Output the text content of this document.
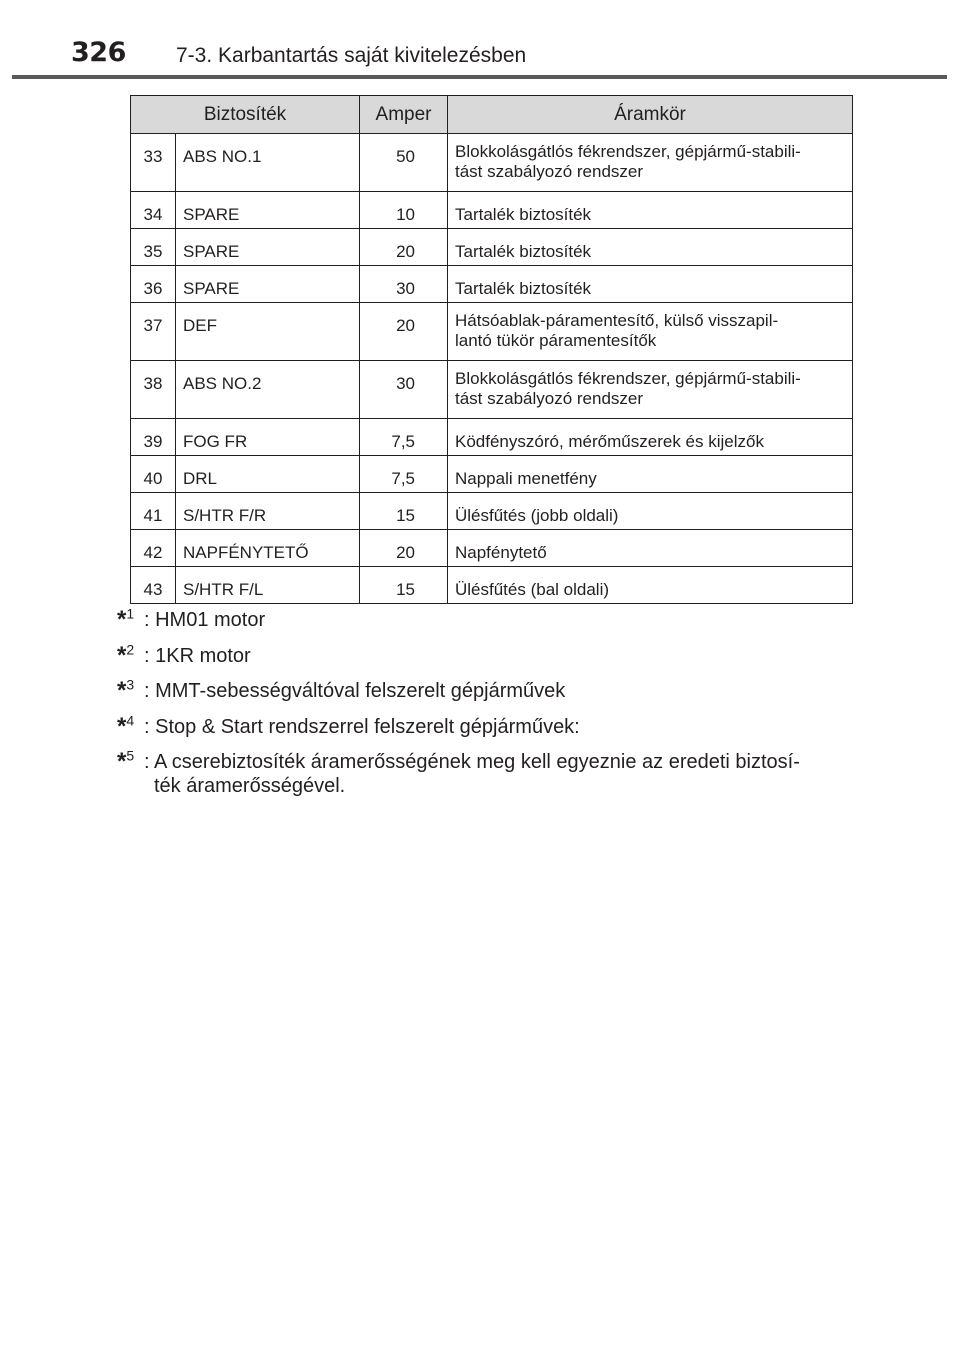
326 7-3. Karbantartás saját kivitelezésben
Biztosíték		Amper	Áramkör
33	ABS NO.1	50	Blokkolásgátlós fékrendszer, gépjármű-stabili-
tást szabályozó rendszer
34	SPARE	10	Tartalék biztosíték
35	SPARE	20	Tartalék biztosíték
36	SPARE	30	Tartalék biztosíték
37	DEF	20	Hátsóablak-páramentesítő, külső visszapil-
lantó tükör páramentesítők
38	ABS NO.2	30	Blokkolásgátlós fékrendszer, gépjármű-stabili-
tást szabályozó rendszer
39	FOG FR	7,5	Ködfényszóró, mérőműszerek és kijelzők
40	DRL	7,5	Nappali menetfény
41	S/HTR F/R	15	Ülésfűtés (jobb oldali)
42	NAPFÉNYTETŐ	20	Napfénytető
43	S/HTR F/L	15	Ülésfűtés (bal oldali)
*$^1$ : HM01 motor
*$^2$ : 1KR motor
*$^3$ : MMT-sebességváltóval felszerelt gépjárművek
*$^4$ : Stop & Start rendszerrel felszerelt gépjárművek:
*$^5$ : A cserebiztosíték áramerősségének meg kell egyeznie az eredeti biztosí-
ték áramerősségével.
